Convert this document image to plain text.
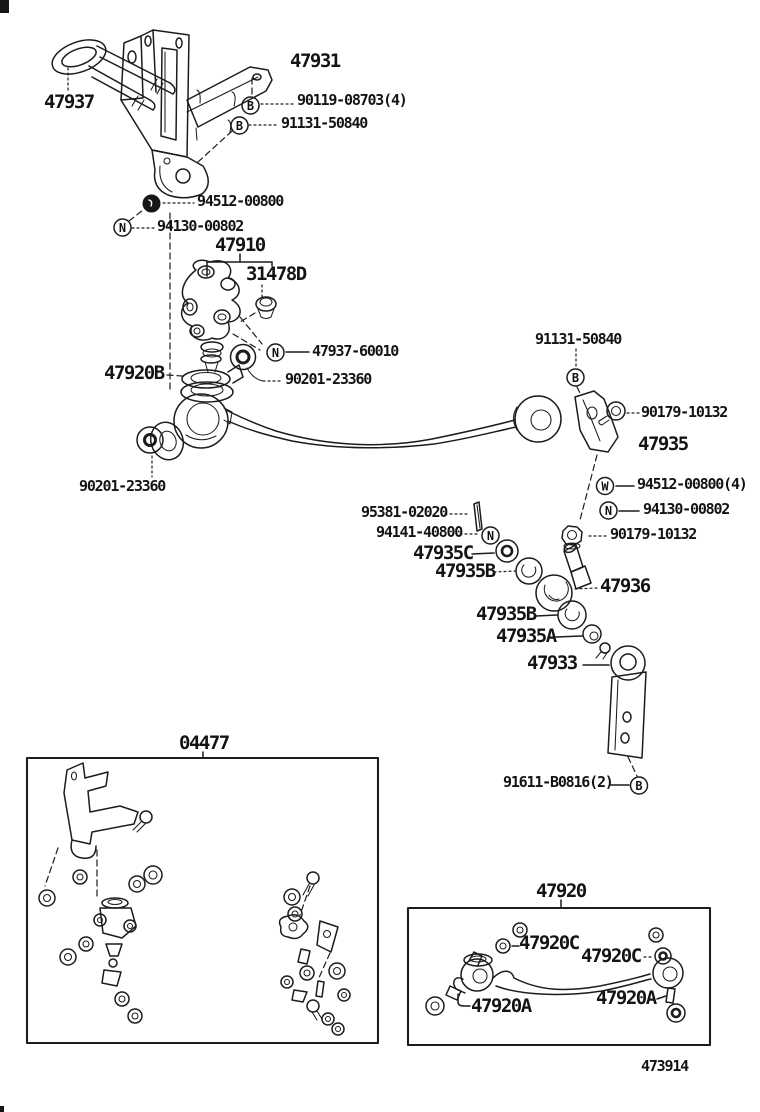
B
B
N
N
B
W
N
N
B
47937
47931
90119-08703(4)
91131-50840
94512-00800
94130-00802
47910
31478D
47937-60010
47920B	90201-23360
90201-23360
91131-50840
90179-10132
47935
94512-00800(4)
94130-00802
90179-10132
95381-02020
94141-40800
47935C
47935B
47936
47935B
47935A
47933
91611-B0816(2)
04477
47920
47920C
47920C
47920A	47920A
473914
